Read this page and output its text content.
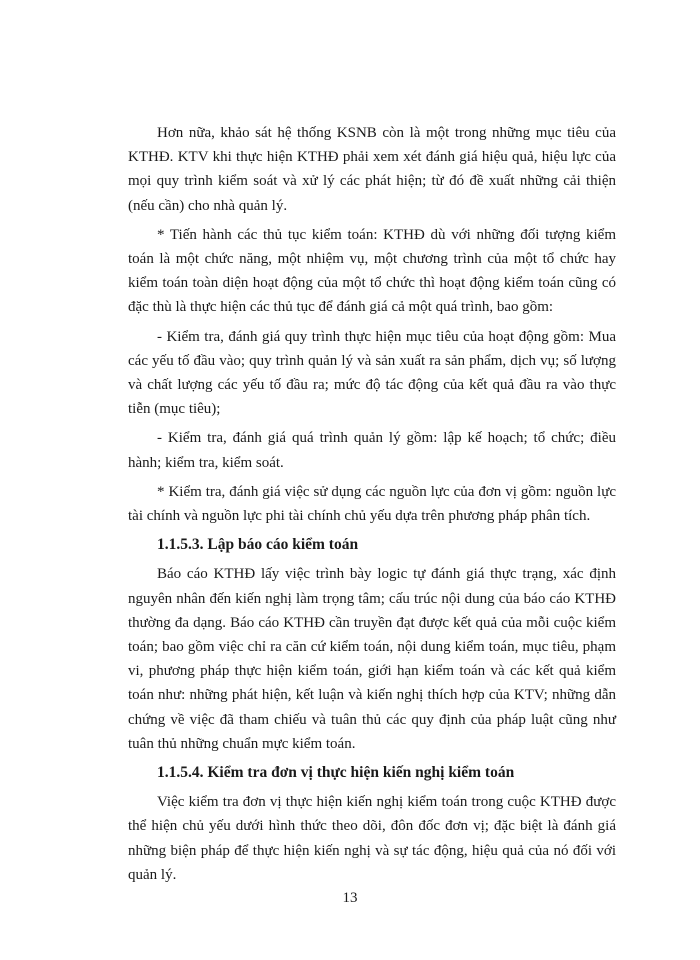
Hơn nữa, khảo sát hệ thống KSNB còn là một trong những mục tiêu của KTHĐ. KTV khi thực hiện KTHĐ phải xem xét đánh giá hiệu quả, hiệu lực của mọi quy trình kiểm soát và xử lý các phát hiện; từ đó đề xuất những cải thiện (nếu cần) cho nhà quản lý.

* Tiến hành các thủ tục kiểm toán: KTHĐ dù với những đối tượng kiểm toán là một chức năng, một nhiệm vụ, một chương trình của một tổ chức hay kiểm toán toàn diện hoạt động của một tổ chức thì hoạt động kiểm toán cũng có đặc thù là thực hiện các thủ tục để đánh giá cả một quá trình, bao gồm:

- Kiểm tra, đánh giá quy trình thực hiện mục tiêu của hoạt động gồm: Mua các yếu tố đầu vào; quy trình quản lý và sản xuất ra sản phẩm, dịch vụ; số lượng và chất lượng các yếu tố đầu ra; mức độ tác động của kết quả đầu ra vào thực tiễn (mục tiêu);

- Kiểm tra, đánh giá quá trình quản lý gồm: lập kế hoạch; tổ chức; điều hành; kiểm tra, kiểm soát.

* Kiểm tra, đánh giá việc sử dụng các nguồn lực của đơn vị gồm: nguồn lực tài chính và nguồn lực phi tài chính chủ yếu dựa trên phương pháp phân tích.

1.1.5.3. Lập báo cáo kiểm toán

Báo cáo KTHĐ lấy việc trình bày logic tự đánh giá thực trạng, xác định nguyên nhân đến kiến nghị làm trọng tâm; cấu trúc nội dung của báo cáo KTHĐ thường đa dạng. Báo cáo KTHĐ cần truyền đạt được kết quả của mỗi cuộc kiểm toán; bao gồm việc chỉ ra căn cứ kiểm toán, nội dung kiểm toán, mục tiêu, phạm vi, phương pháp thực hiện kiểm toán, giới hạn kiểm toán và các kết quả kiểm toán như: những phát hiện, kết luận và kiến nghị thích hợp của KTV; những dẫn chứng về việc đã tham chiếu và tuân thủ các quy định của pháp luật cũng như tuân thủ những chuẩn mực kiểm toán.

1.1.5.4. Kiểm tra đơn vị thực hiện kiến nghị kiểm toán

Việc kiểm tra đơn vị thực hiện kiến nghị kiểm toán trong cuộc KTHĐ được thể hiện chủ yếu dưới hình thức theo dõi, đôn đốc đơn vị; đặc biệt là đánh giá những biện pháp để thực hiện kiến nghị và sự tác động, hiệu quả của nó đối với quản lý.

13
